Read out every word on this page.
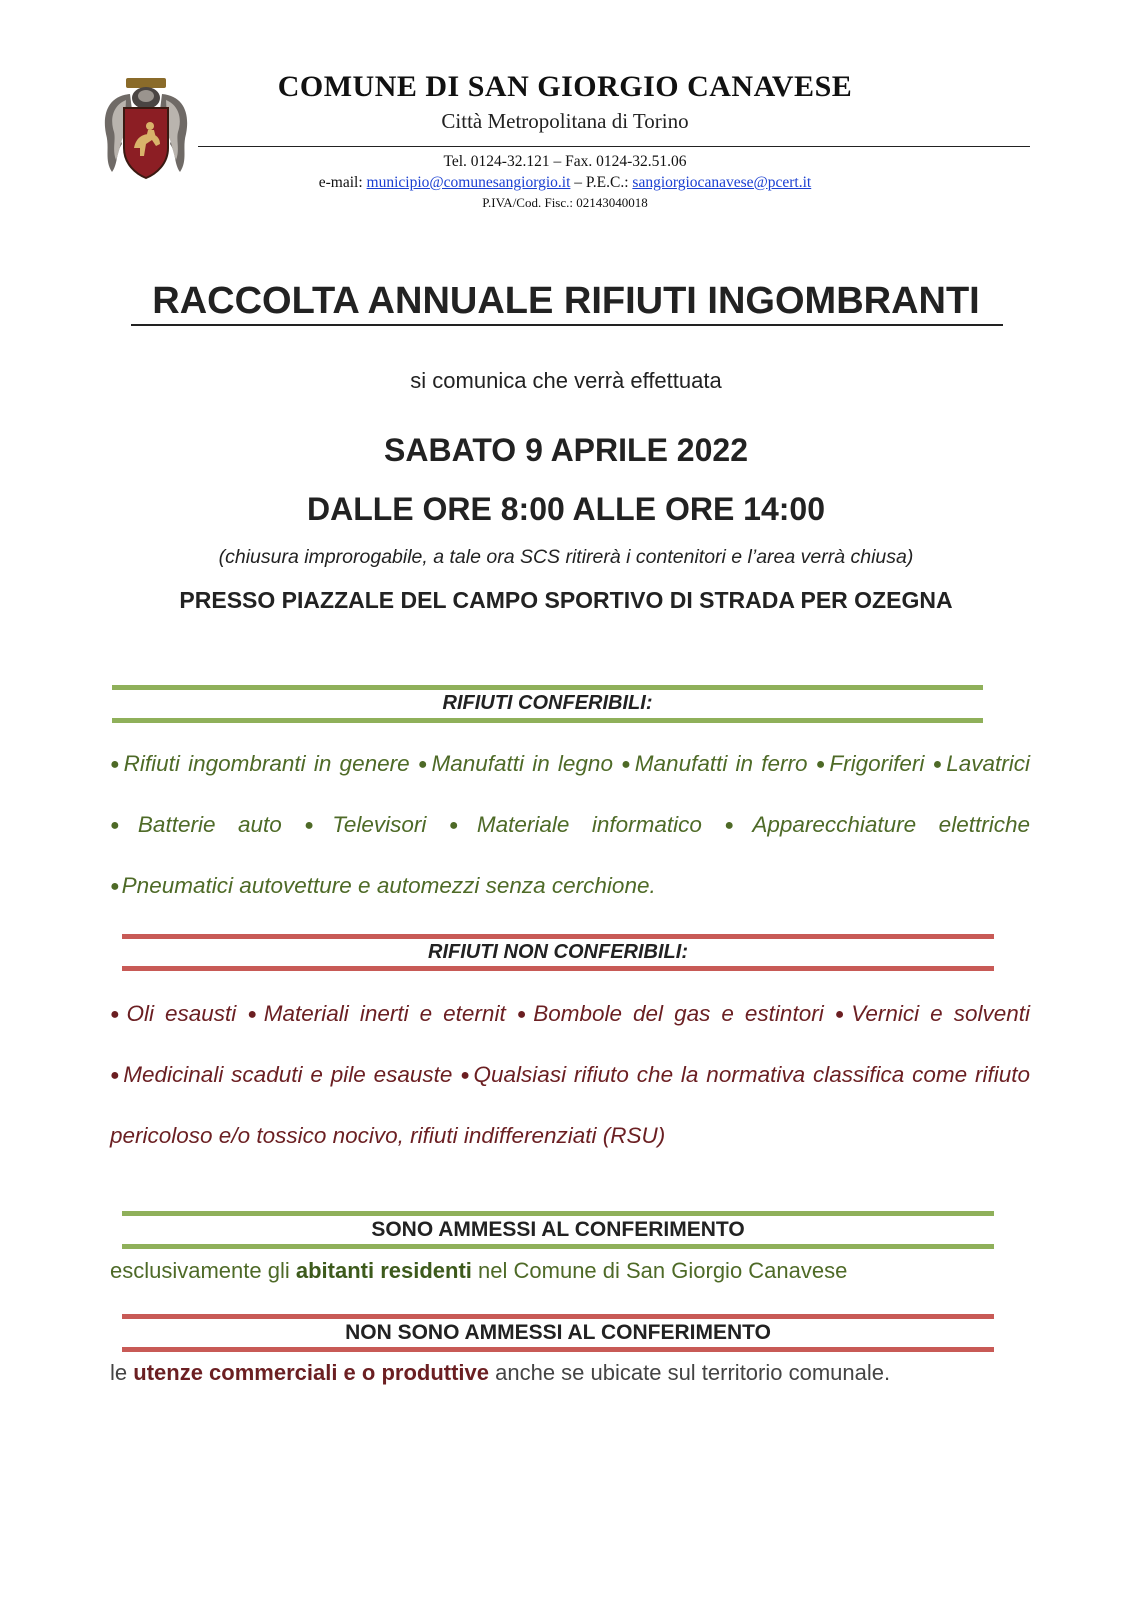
COMUNE DI SAN GIORGIO CANAVESE
Città Metropolitana di Torino
Tel. 0124-32.121 – Fax. 0124-32.51.06
e-mail: municipio@comunesangiorgio.it – P.E.C.: sangiorgiocanavese@pcert.it
P.IVA/Cod. Fisc.: 02143040018
RACCOLTA ANNUALE RIFIUTI INGOMBRANTI
si comunica che verrà effettuata
SABATO 9 APRILE 2022
DALLE ORE 8:00 ALLE ORE 14:00
(chiusura improrogabile, a tale ora SCS ritirerà i contenitori e l’area verrà chiusa)
PRESSO PIAZZALE DEL CAMPO SPORTIVO DI STRADA PER OZEGNA
RIFIUTI CONFERIBILI:
●Rifiuti ingombranti in genere ●Manufatti in legno ●Manufatti in ferro ●Frigoriferi ●Lavatrici ●Batterie auto ●Televisori ●Materiale informatico ●Apparecchiature elettriche ●Pneumatici autovetture e automezzi senza cerchione.
RIFIUTI NON CONFERIBILI:
●Oli esausti ●Materiali inerti e eternit ●Bombole del gas e estintori ●Vernici e solventi ●Medicinali scaduti e pile esauste ●Qualsiasi rifiuto che la normativa classifica come rifiuto pericoloso e/o tossico nocivo, rifiuti indifferenziati (RSU)
SONO AMMESSI AL CONFERIMENTO
esclusivamente gli abitanti residenti nel Comune di San Giorgio Canavese
NON SONO AMMESSI AL CONFERIMENTO
le utenze commerciali e o produttive anche se ubicate sul territorio comunale.
